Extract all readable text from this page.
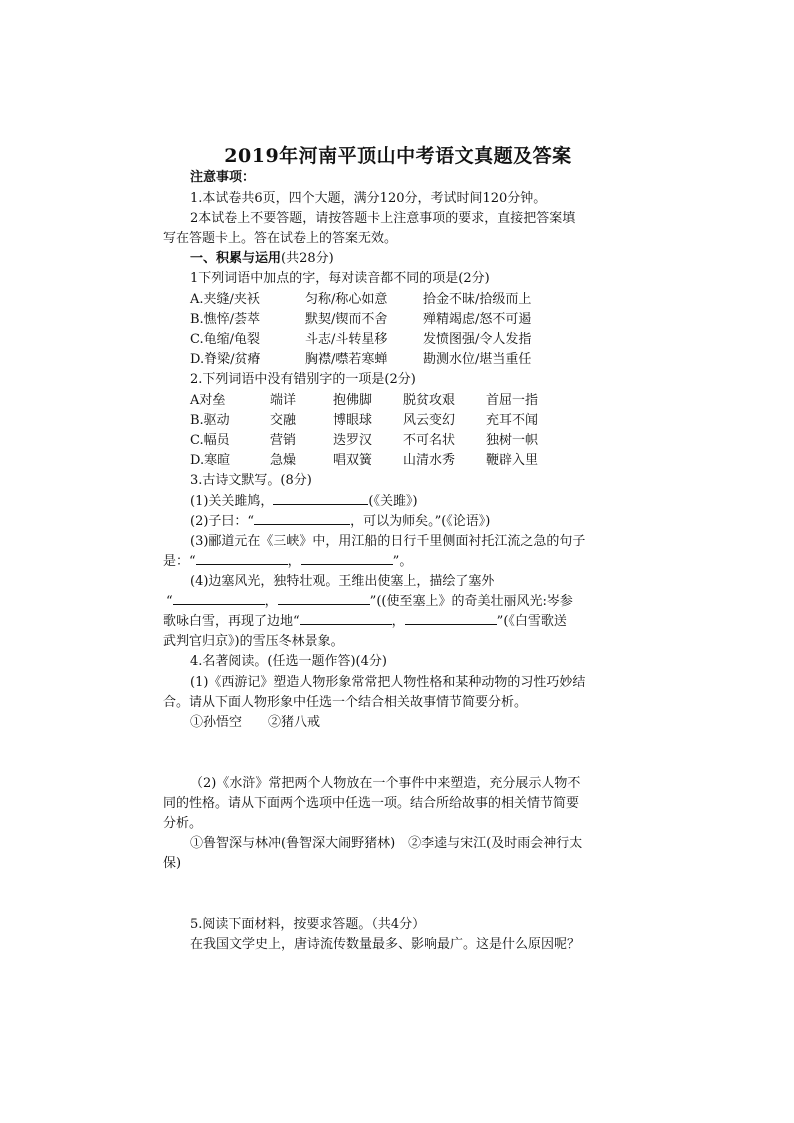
2019年河南平顶山中考语文真题及答案
注意事项：
1.本试卷共6页，四个大题，满分120分，考试时间120分钟。
2本试卷上不要答题，请按答题卡上注意事项的要求，直接把答案填
写在答题卡上。答在试卷上的答案无效。
一、积累与运用(共28分)
1下列词语中加点的字，每对读音都不同的项是(2分)
A.夹缝/夹袄	匀称/称心如意	拾金不昧/拾级而上
B.憔悴/荟萃	默契/锲而不舍	殚精竭虑/怒不可遏
C.龟缩/龟裂	斗志/斗转星移	发愤图强/令人发指
D.脊梁/贫瘠	胸襟/噤若寒蝉	勘测水位/堪当重任
2.下列词语中没有错别字的一项是(2分)
A对垒	端详	抱佛脚 脱贫攻艰 首屈一指
B.驱动	交融	博眼球 风云变幻 充耳不闻
C.幅员	营销	迭罗汉 不可名状 独树一帜
D.寒暄	急燥	唱双簧 山清水秀 鞭辟入里
3.古诗文默写。(8分)
(1)关关雎鸠，	(《关雎》)
(2)子曰：“	，可以为师矣。”(《论语》)
(3)郦道元在《三峡》中，用江船的日行千里侧面衬托江流之急的句子
是：“	，	”。
(4)边塞风光，独特壮观。王维出使塞上，描绘了塞外
“	，	”((使至塞上》的奇美壮丽风光:岑参
歌咏白雪，再现了边地“	，	”(《白雪歌送
武判官归京》)的雪压冬林景象。
4.名著阅读。(任选一题作答)(4分)
(1)《西游记》塑造人物形象常常把人物性格和某种动物的习性巧妙结
合。请从下面人物形象中任选一个结合相关故事情节简要分析。
①孙悟空　　②猪八戒
（2)《水浒》常把两个人物放在一个事件中来塑造，充分展示人物不
同的性格。请从下面两个选项中任选一项。结合所给故事的相关情节简要
分析。
①鲁智深与林冲(鲁智深大闹野猪林)　②李逵与宋江(及时雨会神行太
保)
5.阅读下面材料，按要求答题。（共4分）
在我国文学史上，唐诗流传数量最多、影响最广。这是什么原因呢？
